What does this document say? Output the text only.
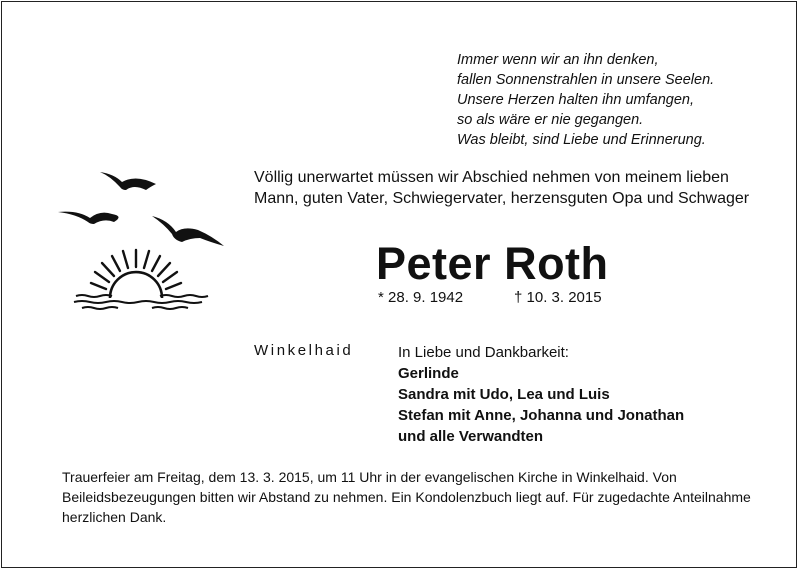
Immer wenn wir an ihn denken,
fallen Sonnenstrahlen in unsere Seelen.
Unsere Herzen halten ihn umfangen,
so als wäre er nie gegangen.
Was bleibt, sind Liebe und Erinnerung.
Völlig unerwartet müssen wir Abschied nehmen von meinem lieben Mann, guten Vater, Schwiegervater, herzensguten Opa und Schwager
Peter Roth
* 28. 9. 1942	† 10. 3. 2015
Winkelhaid	In Liebe und Dankbarkeit:
Gerlinde
Sandra mit Udo, Lea und Luis
Stefan mit Anne, Johanna und Jonathan
und alle Verwandten
Trauerfeier am Freitag, dem 13. 3. 2015, um 11 Uhr in der evangelischen Kirche in Winkelhaid. Von Beileidsbezeugungen bitten wir Abstand zu nehmen. Ein Kondolenzbuch liegt auf. Für zugedachte Anteilnahme herzlichen Dank.
